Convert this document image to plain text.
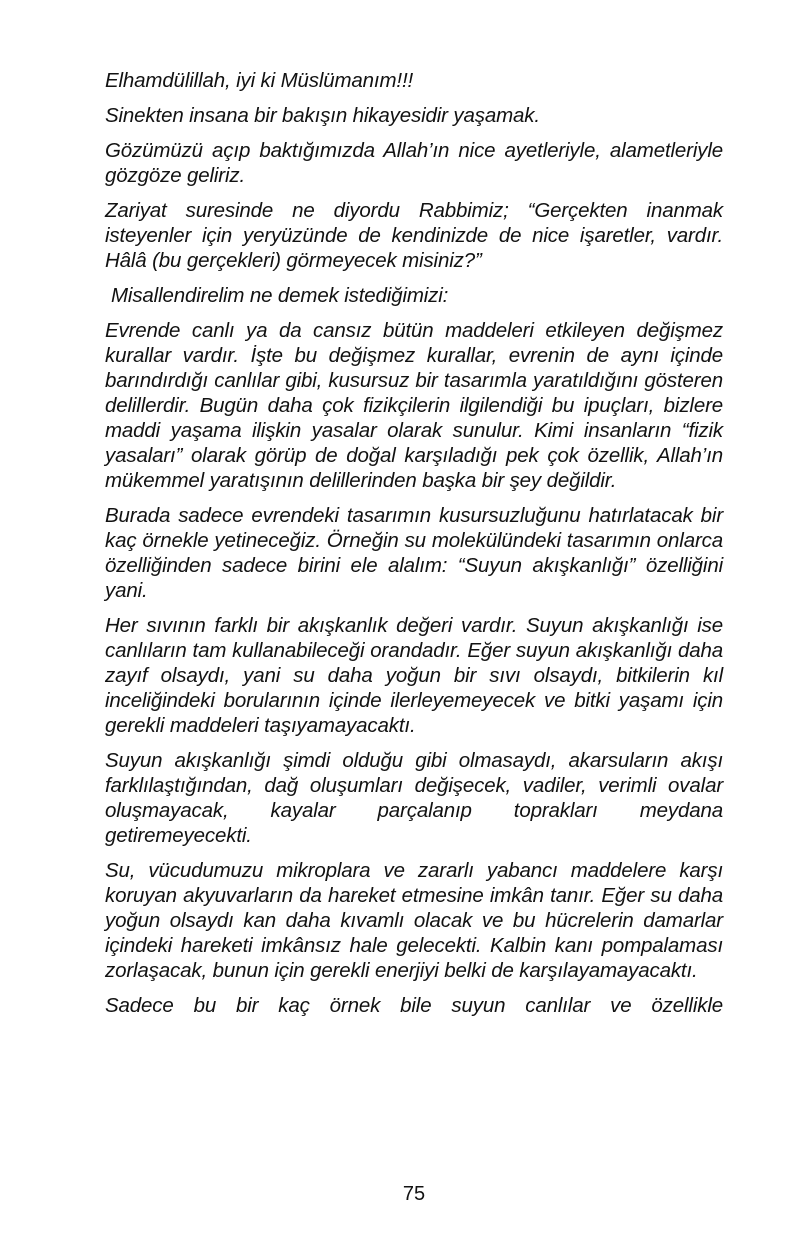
Elhamdülillah, iyi ki Müslümanım!!!

Sinekten insana bir bakışın hikayesidir yaşamak.

Gözümüzü açıp baktığımızda Allah’ın nice ayetleriyle, alametleriyle gözgöze geliriz.

Zariyat suresinde ne diyordu Rabbimiz; “Gerçekten inanmak isteyenler için yeryüzünde de kendinizde de nice işaretler, vardır. Hâlâ (bu gerçekleri) görmeyecek misiniz?”

Misallendirelim ne demek istediğimizi:

Evrende canlı ya da cansız bütün maddeleri etkileyen değişmez kurallar vardır. İşte bu değişmez kurallar, evrenin de aynı içinde barındırdığı canlılar gibi, kusursuz bir tasarımla yaratıldığını gösteren delillerdir. Bugün daha çok fizikçilerin ilgilendiği bu ipuçları, bizlere maddi yaşama ilişkin yasalar olarak sunulur. Kimi insanların “fizik yasaları” olarak görüp de doğal karşıladığı pek çok özellik, Allah’ın mükemmel yaratışının delillerinden başka bir şey değildir.

Burada sadece evrendeki tasarımın kusursuzluğunu hatırlatacak bir kaç örnekle yetineceğiz. Örneğin su molekülündeki tasarımın onlarca özelliğinden sadece birini ele alalım: “Suyun akışkanlığı” özelliğini yani.

Her sıvının farklı bir akışkanlık değeri vardır. Suyun akışkanlığı ise canlıların tam kullanabileceği orandadır. Eğer suyun akışkanlığı daha zayıf olsaydı, yani su daha yoğun bir sıvı olsaydı, bitkilerin kıl inceliğindeki borularının içinde ilerleyemeyecek ve bitki yaşamı için gerekli maddeleri taşıyamayacaktı.

Suyun akışkanlığı şimdi olduğu gibi olmasaydı, akarsuların akışı farklılaştığından, dağ oluşumları değişecek, vadiler, verimli ovalar oluşmayacak, kayalar parçalanıp toprakları meydana getiremeyecekti.

Su, vücudumuzu mikroplara ve zararlı yabancı maddelere karşı koruyan akyuvarların da hareket etmesine imkân tanır. Eğer su daha yoğun olsaydı kan daha kıvamlı olacak ve bu hücrelerin damarlar içindeki hareketi imkânsız hale gelecekti. Kalbin kanı pompalaması zorlaşacak, bunun için gerekli enerjiyi belki de karşılayamayacaktı.

Sadece bu bir kaç örnek bile suyun canlılar ve özellikle

75
